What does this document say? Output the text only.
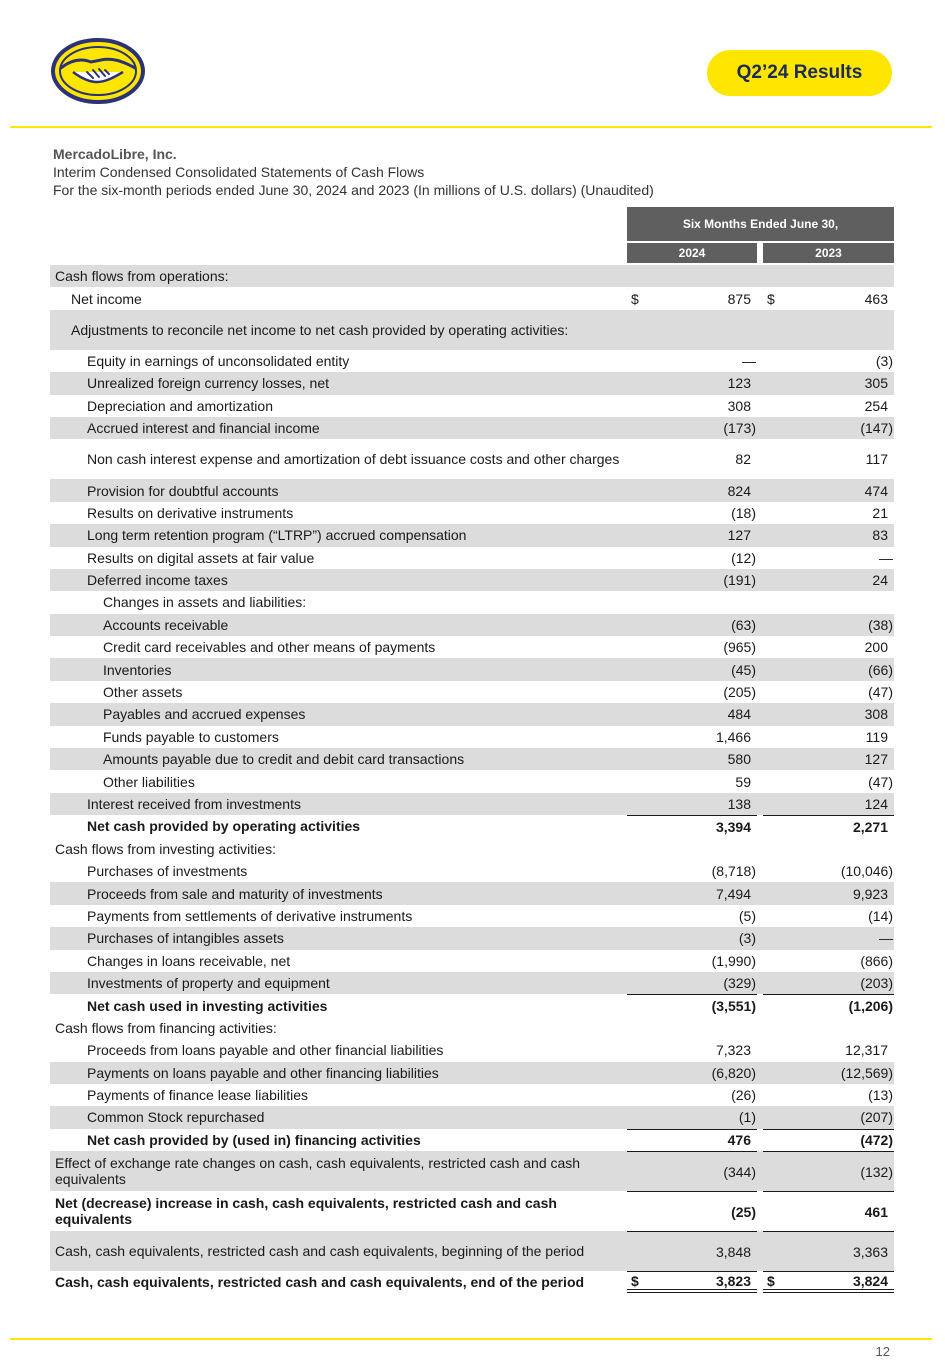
Q2’24 Results
MercadoLibre, Inc.
Interim Condensed Consolidated Statements of Cash Flows
For the six-month periods ended June 30, 2024 and 2023 (In millions of U.S. dollars) (Unaudited)
Six Months Ended June 30,
2024	2023
Cash flows from operations:
Net income	$	875	$	463
Adjustments to reconcile net income to net cash provided by operating activities:
Equity in earnings of unconsolidated entity	—	(3)
Unrealized foreign currency losses, net	123	305
Depreciation and amortization	308	254
Accrued interest and financial income	(173)	(147)
Non cash interest expense and amortization of debt issuance costs and other charges	82	117
Provision for doubtful accounts	824	474
Results on derivative instruments	(18)	21
Long term retention program (“LTRP”) accrued compensation	127	83
Results on digital assets at fair value	(12)	—
Deferred income taxes	(191)	24
Changes in assets and liabilities:
Accounts receivable	(63)	(38)
Credit card receivables and other means of payments	(965)	200
Inventories	(45)	(66)
Other assets	(205)	(47)
Payables and accrued expenses	484	308
Funds payable to customers	1,466	119
Amounts payable due to credit and debit card transactions	580	127
Other liabilities	59	(47)
Interest received from investments	138	124
Net cash provided by operating activities	3,394	2,271
Cash flows from investing activities:
Purchases of investments	(8,718)	(10,046)
Proceeds from sale and maturity of investments	7,494	9,923
Payments from settlements of derivative instruments	(5)	(14)
Purchases of intangibles assets	(3)	—
Changes in loans receivable, net	(1,990)	(866)
Investments of property and equipment	(329)	(203)
Net cash used in investing activities	(3,551)	(1,206)
Cash flows from financing activities:
Proceeds from loans payable and other financial liabilities	7,323	12,317
Payments on loans payable and other financing liabilities	(6,820)	(12,569)
Payments of finance lease liabilities	(26)	(13)
Common Stock repurchased	(1)	(207)
Net cash provided by (used in) financing activities	476	(472)
Effect of exchange rate changes on cash, cash equivalents, restricted cash and cash equivalents	(344)	(132)
Net (decrease) increase in cash, cash equivalents, restricted cash and cash equivalents	(25)	461
Cash, cash equivalents, restricted cash and cash equivalents, beginning of the period	3,848	3,363
Cash, cash equivalents, restricted cash and cash equivalents, end of the period	$	3,823	$	3,824
12
